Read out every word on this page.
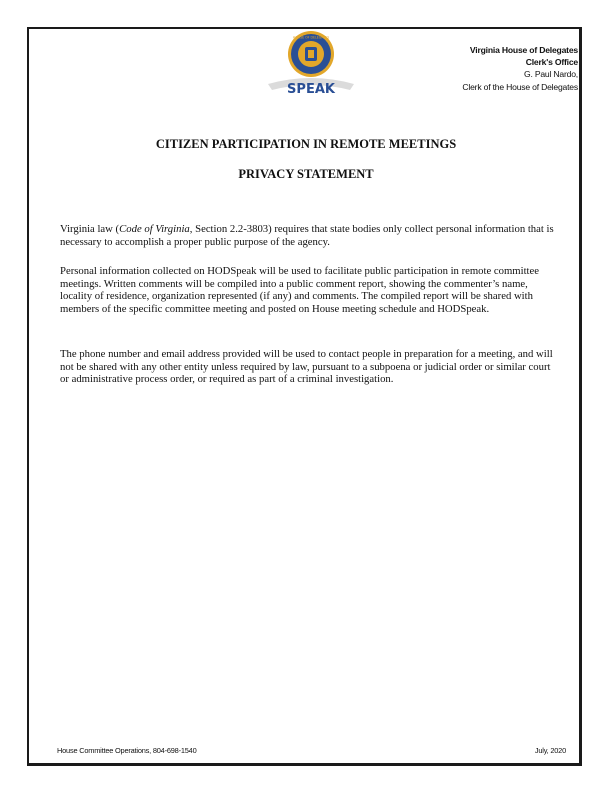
HOUSE OF DELEGATES
SPEAK
Virginia House of Delegates
Clerk's Office
G. Paul Nardo,
Clerk of the House of Delegates
CITIZEN PARTICIPATION IN REMOTE MEETINGS
PRIVACY STATEMENT
Virginia law (Code of Virginia, Section 2.2-3803) requires that state bodies only collect personal information that is necessary to accomplish a proper public purpose of the agency.
Personal information collected on HODSpeak will be used to facilitate public participation in remote committee meetings. Written comments will be compiled into a public comment report, showing the commenter’s name, locality of residence, organization represented (if any) and comments. The compiled report will be shared with members of the specific committee meeting and posted on House meeting schedule and HODSpeak.
The phone number and email address provided will be used to contact people in preparation for a meeting, and will not be shared with any other entity unless required by law, pursuant to a subpoena or judicial order or similar court or administrative process order, or required as part of a criminal investigation.
House Committee Operations, 804-698-1540	July, 2020
